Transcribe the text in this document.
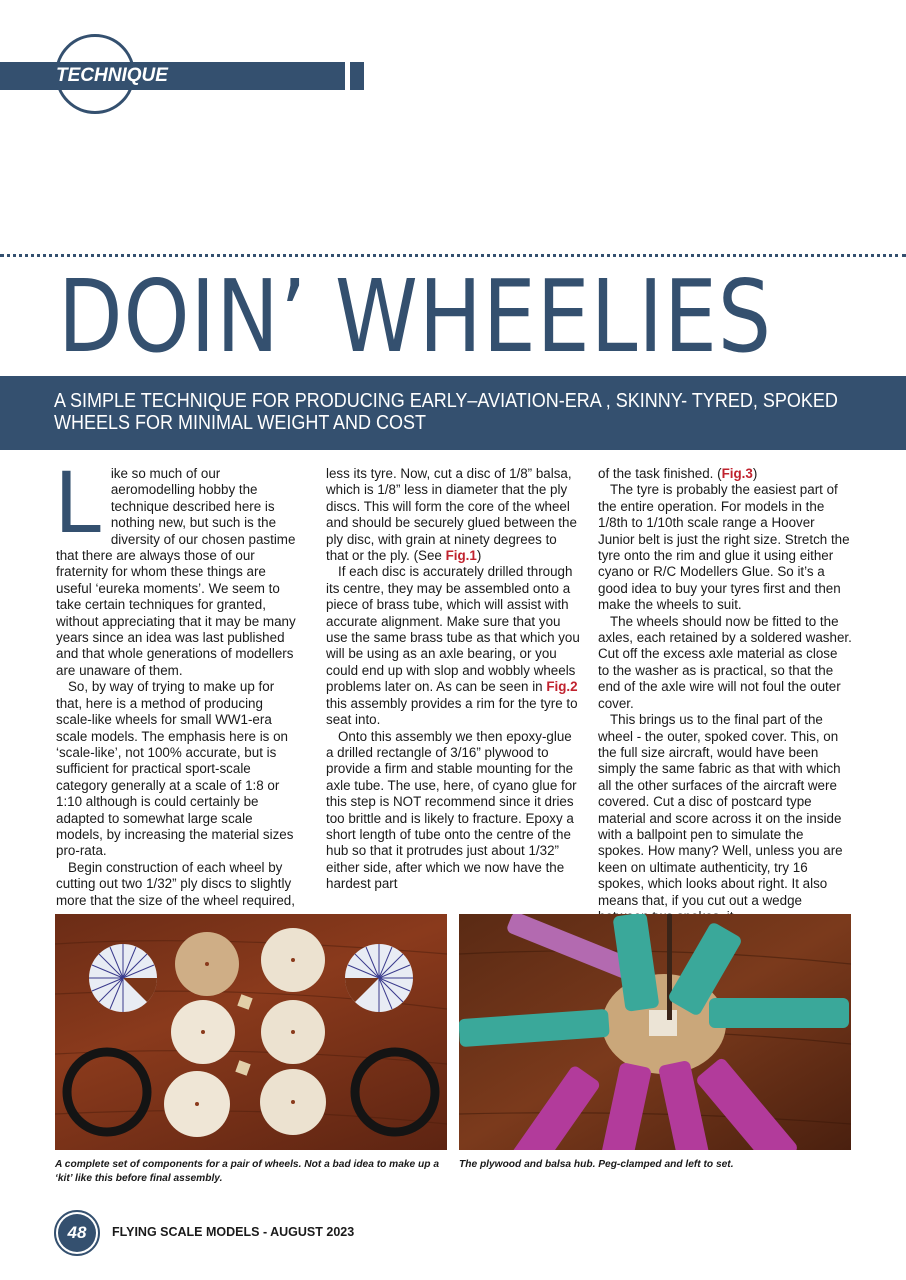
TECHNIQUE
DOIN’ WHEELIES
A SIMPLE TECHNIQUE FOR PRODUCING EARLY–AVIATION-ERA , SKINNY- TYRED, SPOKED
WHEELS FOR MINIMAL WEIGHT AND COST

Like so much of our aeromodelling hobby the technique described here is nothing new, but such is the diversity of our chosen pastime that there are always those of our fraternity for whom these things are useful ‘eureka moments’. We seem to take certain techniques for granted, without appreciating that it may be many years since an idea was last published and that whole generations of modellers are unaware of them.

So, by way of trying to make up for that, here is a method of producing scale-like wheels for small WW1-era scale models. The emphasis here is on ‘scale-like’, not 100% accurate, but is sufficient for practical sport-scale category generally at a scale of 1:8 or 1:10 although is could certainly be adapted to somewhat large scale models, by increasing the material sizes pro-rata.

Begin construction of each wheel by cutting out two 1/32” ply discs to slightly more that the size of the wheel required,

less its tyre. Now, cut a disc of 1/8” balsa, which is 1/8” less in diameter that the ply discs. This will form the core of the wheel and should be securely glued between the ply disc, with grain at ninety degrees to that or the ply. (See Fig.1)

If each disc is accurately drilled through its centre, they may be assembled onto a piece of brass tube, which will assist with accurate alignment. Make sure that you use the same brass tube as that which you will be using as an axle bearing, or you could end up with slop and wobbly wheels problems later on. As can be seen in Fig.2 this assembly provides a rim for the tyre to seat into.

Onto this assembly we then epoxy-glue a drilled rectangle of 3/16” plywood to provide a firm and stable mounting for the axle tube. The use, here, of cyano glue for this step is NOT recommend since it dries too brittle and is likely to fracture. Epoxy a short length of tube onto the centre of the hub so that it protrudes just about 1/32” either side, after which we now have the hardest part

of the task finished. (Fig.3)

The tyre is probably the easiest part of the entire operation. For models in the 1/8th to 1/10th scale range a Hoover Junior belt is just the right size. Stretch the tyre onto the rim and glue it using either cyano or R/C Modellers Glue. So it’s a good idea to buy your tyres first and then make the wheels to suit.

The wheels should now be fitted to the axles, each retained by a soldered washer. Cut off the excess axle material as close to the washer as is practical, so that the end of the axle wire will not foul the outer cover.

This brings us to the final part of the wheel - the outer, spoked cover. This, on the full size aircraft, would have been simply the same fabric as that with which all the other surfaces of the aircraft were covered. Cut a disc of postcard type material and score across it on the inside with a ballpoint pen to simulate the spokes. How many? Well, unless you are keen on ultimate authenticity, try 16 spokes, which looks about right. It also means that, if you cut out a wedge

A complete set of components for a pair of wheels. Not a bad idea to make up a ‘kit’ like this before final assembly.
The plywood and balsa hub. Peg-clamped and left to set.
48	FLYING SCALE MODELS - AUGUST 2023
